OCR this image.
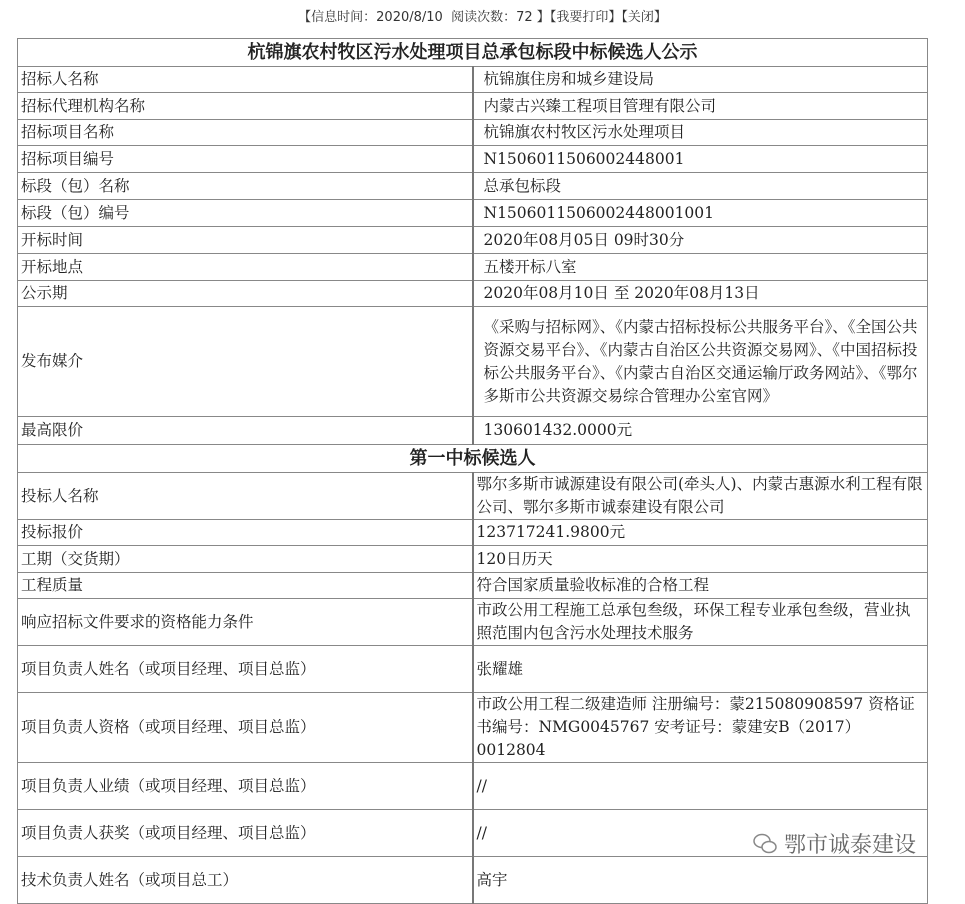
【信息时间：2020/8/10 阅读次数：72 】【我要打印】【关闭】
杭锦旗农村牧区污水处理项目总承包标段中标候选人公示	
招标人名称	杭锦旗住房和城乡建设局
招标代理机构名称	内蒙古兴臻工程项目管理有限公司
招标项目名称	杭锦旗农村牧区污水处理项目
招标项目编号	N1506011506002448001
标段（包）名称	总承包标段
标段（包）编号	N1506011506002448001001
开标时间	2020年08月05日 09时30分
开标地点	五楼开标八室
公示期	2020年08月10日 至 2020年08月13日
发布媒介	《采购与招标网》、《内蒙古招标投标公共服务平台》、《全国公共资源交易平台》、《内蒙古自治区公共资源交易网》、《中国招标投标公共服务平台》、《内蒙古自治区交通运输厅政务网站》、《鄂尔多斯市公共资源交易综合管理办公室官网》
最高限价	130601432.0000元
第一中标候选人	
投标人名称	鄂尔多斯市诚源建设有限公司(牵头人)、内蒙古惠源水利工程有限公司、鄂尔多斯市诚泰建设有限公司
投标报价	123717241.9800元
工期（交货期）	120日历天
工程质量	符合国家质量验收标准的合格工程
响应招标文件要求的资格能力条件	市政公用工程施工总承包叁级，环保工程专业承包叁级，营业执照范围内包含污水处理技术服务
项目负责人姓名（或项目经理、项目总监）	张耀雄
项目负责人资格（或项目经理、项目总监）	市政公用工程二级建造师 注册编号：蒙215080908597 资格证书编号：NMG0045767 安考证号：蒙建安B（2017）0012804
项目负责人业绩（或项目经理、项目总监）	//
项目负责人获奖（或项目经理、项目总监）	//
技术负责人姓名（或项目总工）	高宇
鄂市诚泰建设
